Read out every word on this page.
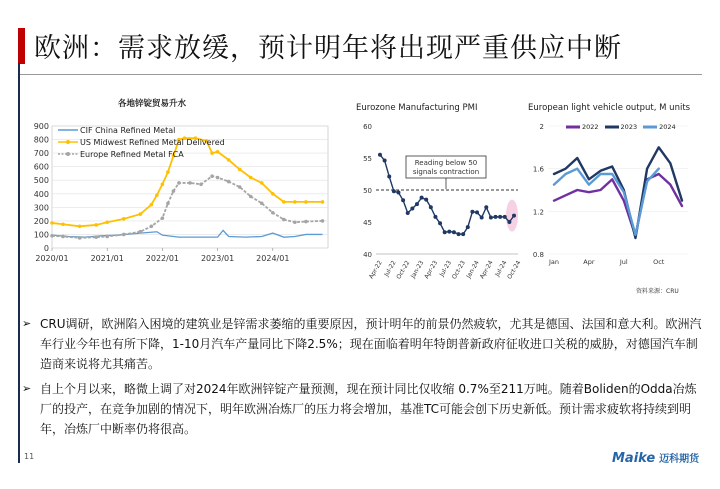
欧洲：需求放缓，预计明年将出现严重供应中断
各地锌锭贸易升水
0
100
200
300
400
500
600
700
800
900
2020/01	2021/01	2022/01	2023/01	2024/01
CIF China Refined Metal
US Midwest Refined Metal Delivered
Europe Refined Metal FCA
Eurozone Manufacturing PMI
40
45
50
55
60
Reading below 50
signals contraction
Apr-22 Jul-22
Oct-22
Jan-23
Apr-23 Jul-23
Oct-23
Jan-24
Apr-24 Jul-24
Oct-24
European light vehicle output, M units
0.8
1.2
1.6
2
Jan	Apr	Jul	Oct
2022	2023	2024
资料来源：CRU
➢ CRU调研，欧洲陷入困境的建筑业是锌需求萎缩的重要原因，预计明年的前景仍然疲软，尤其是德国、法国和意大利。欧洲汽车行业今年也有所下降，1-10月汽车产量同比下降2.5%；现在面临着明年特朗普新政府征收进口关税的威胁，对德国汽车制造商来说将尤其痛苦。
➢ 自上个月以来，略微上调了对2024年欧洲锌锭产量预测，现在预计同比仅收缩 0.7%至211万吨。随着Boliden的Odda冶炼厂的投产，在竞争加剧的情况下，明年欧洲冶炼厂的压力将会增加，基准TC可能会创下历史新低。预计需求疲软将持续到明年，冶炼厂中断率仍将很高。
11	Maike 迈科期货
